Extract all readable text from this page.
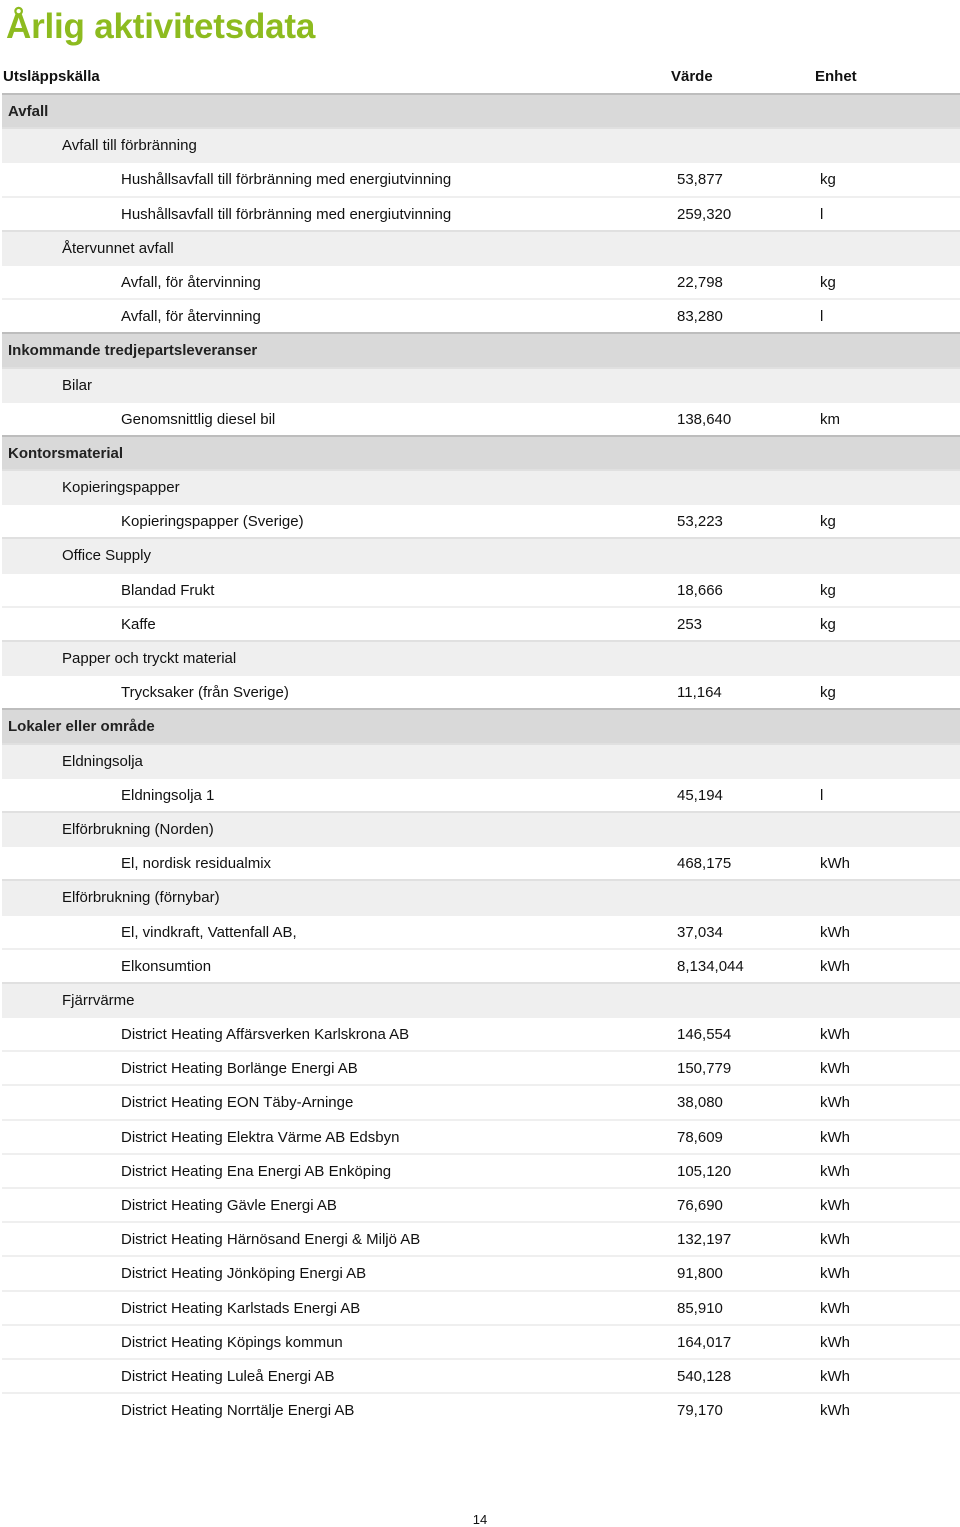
Årlig aktivitetsdata
Utsläppskälla	Värde	Enhet
Avfall
Avfall till förbränning
Hushållsavfall till förbränning med energiutvinning	53,877	kg
Hushållsavfall till förbränning med energiutvinning	259,320	l
Återvunnet avfall
Avfall, för återvinning	22,798	kg
Avfall, för återvinning	83,280	l
Inkommande tredjepartsleveranser
Bilar
Genomsnittlig diesel bil	138,640	km
Kontorsmaterial
Kopieringspapper
Kopieringspapper (Sverige)	53,223	kg
Office Supply
Blandad Frukt	18,666	kg
Kaffe	253	kg
Papper och tryckt material
Trycksaker (från Sverige)	11,164	kg
Lokaler eller område
Eldningsolja
Eldningsolja 1	45,194	l
Elförbrukning (Norden)
El, nordisk residualmix	468,175	kWh
Elförbrukning (förnybar)
El, vindkraft, Vattenfall AB,	37,034	kWh
Elkonsumtion	8,134,044	kWh
Fjärrvärme
District Heating Affärsverken Karlskrona AB	146,554	kWh
District Heating Borlänge Energi AB	150,779	kWh
District Heating EON Täby-Arninge	38,080	kWh
District Heating Elektra Värme AB Edsbyn	78,609	kWh
District Heating Ena Energi AB Enköping	105,120	kWh
District Heating Gävle Energi AB	76,690	kWh
District Heating Härnösand Energi & Miljö AB	132,197	kWh
District Heating Jönköping Energi AB	91,800	kWh
District Heating Karlstads Energi AB	85,910	kWh
District Heating Köpings kommun	164,017	kWh
District Heating Luleå Energi AB	540,128	kWh
District Heating Norrtälje Energi AB	79,170	kWh
14
